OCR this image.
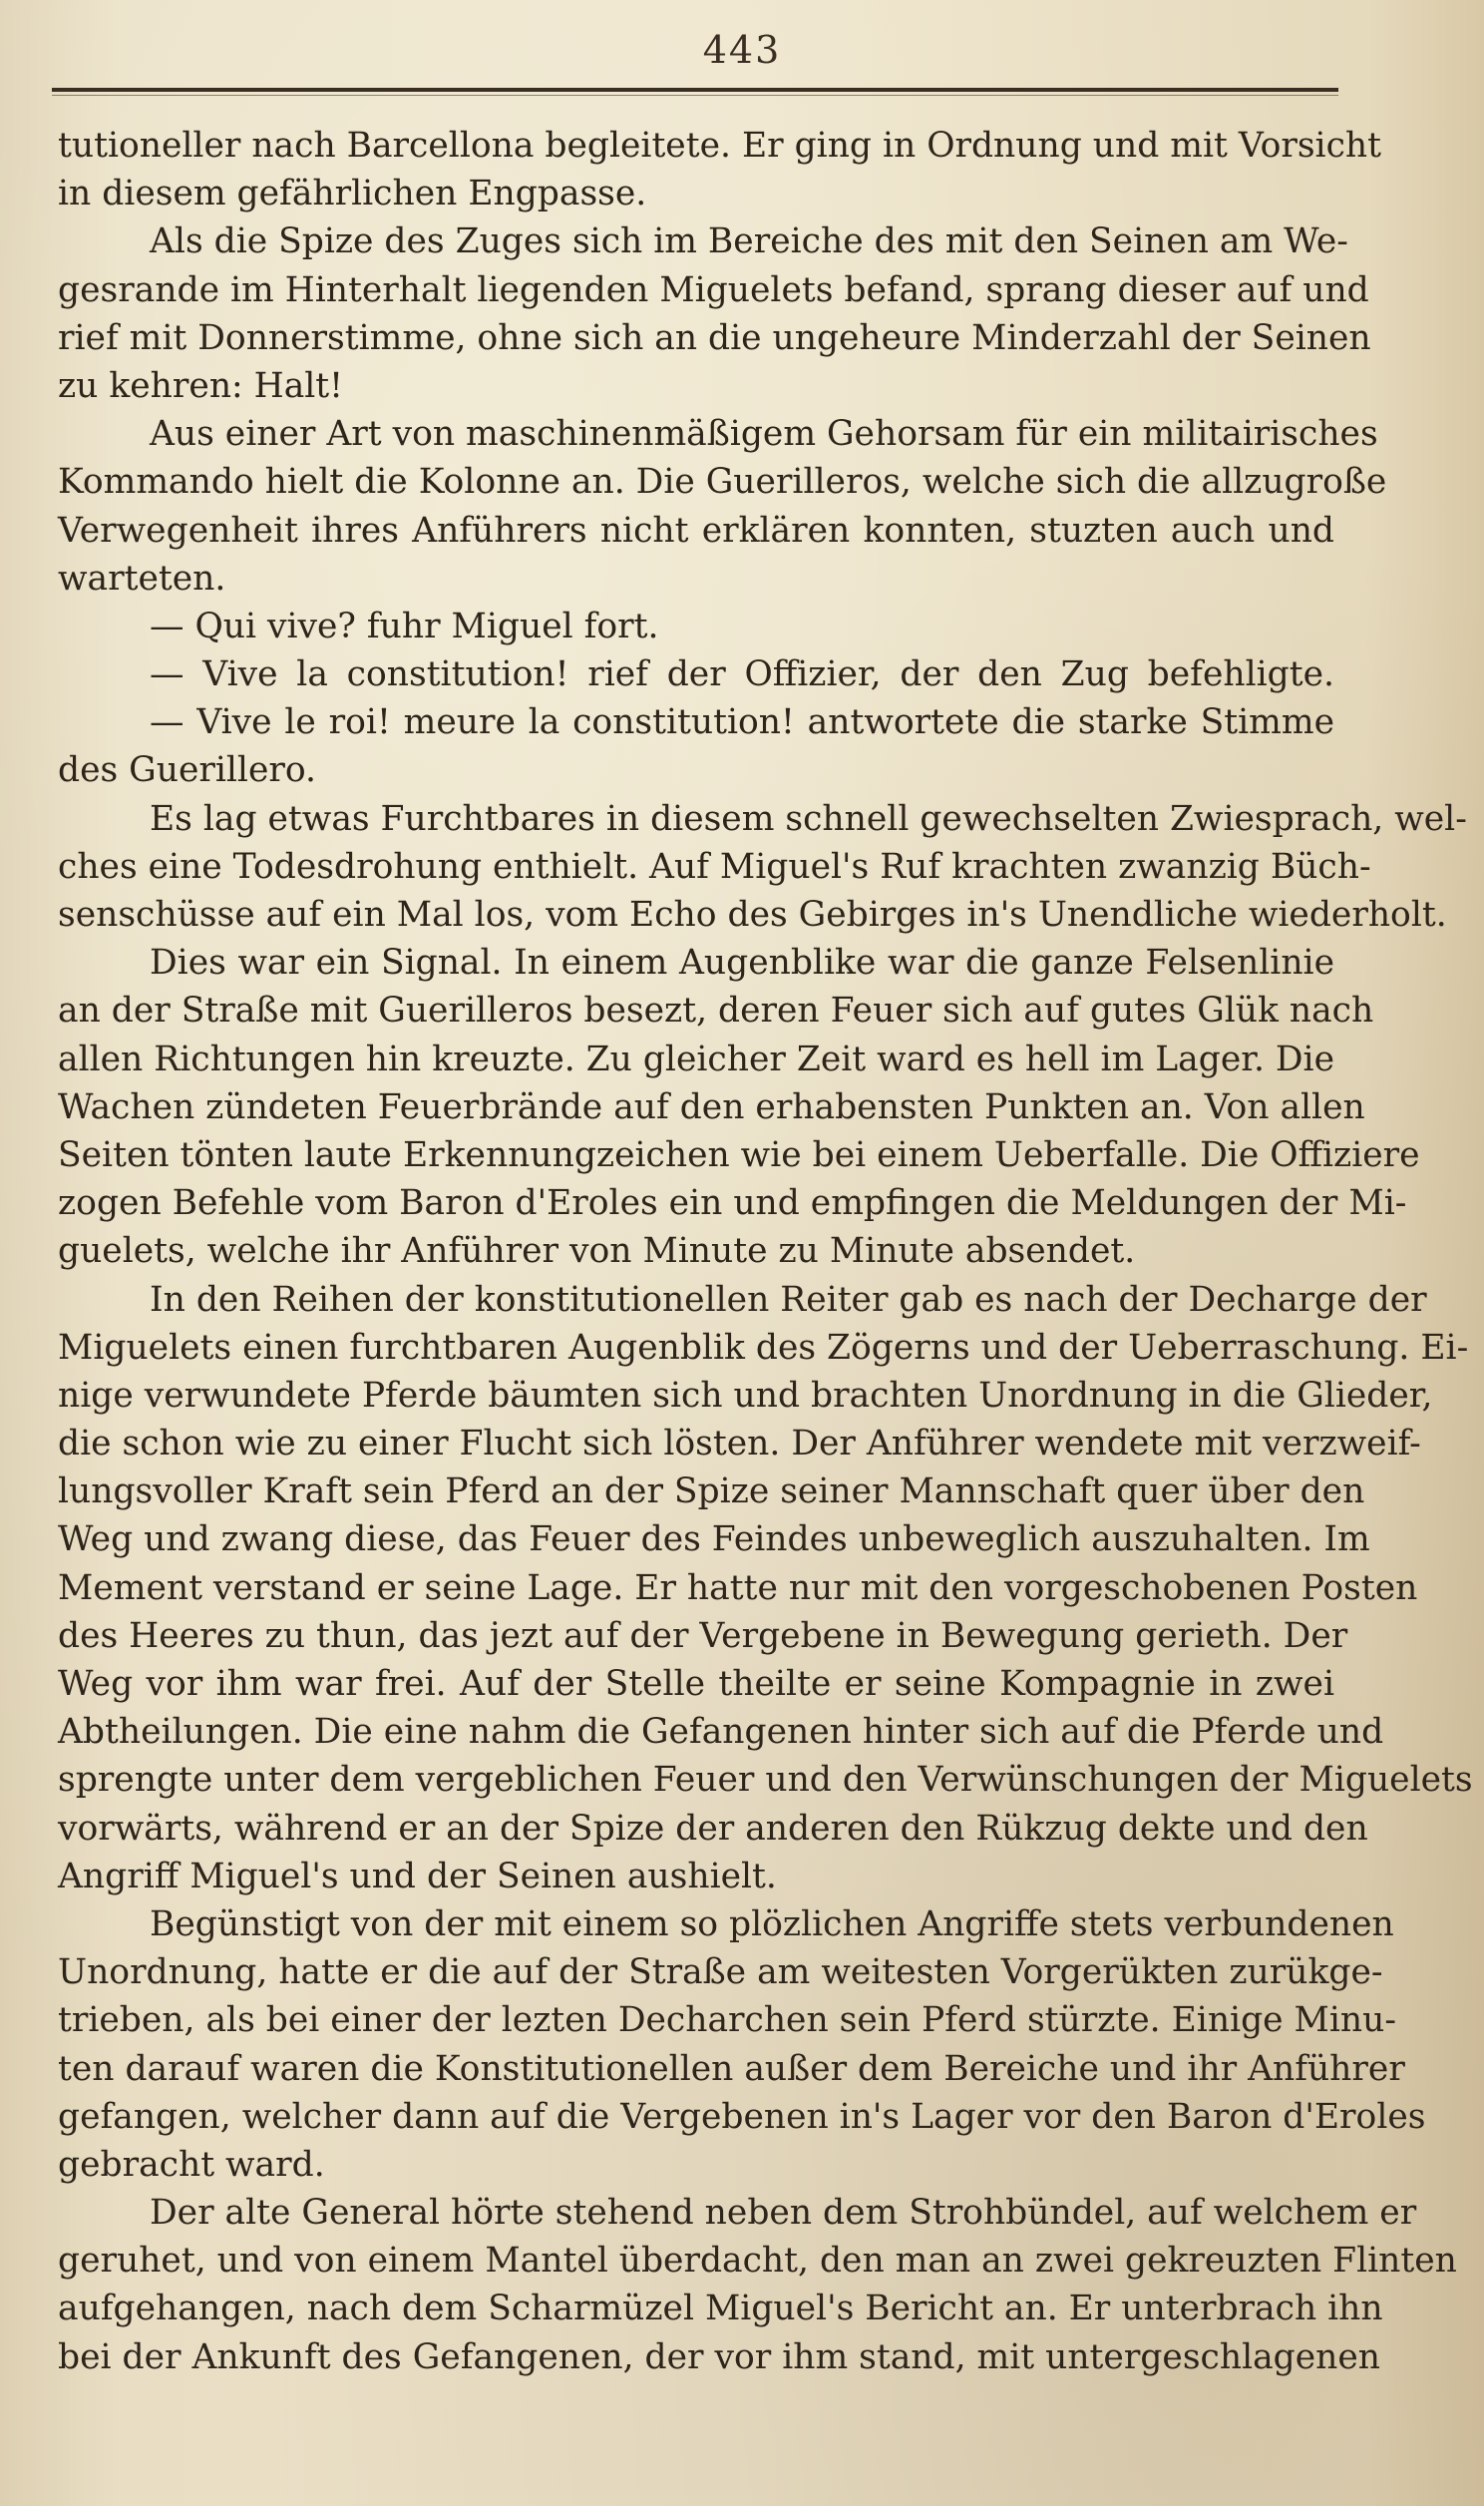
443
tutioneller nach Barcellona begleitete. Er ging in Ordnung und mit Vorsicht
in diesem gefährlichen Engpasse.
Als die Spize des Zuges sich im Bereiche des mit den Seinen am We-
gesrande im Hinterhalt liegenden Miguelets befand, sprang dieser auf und
rief mit Donnerstimme, ohne sich an die ungeheure Minderzahl der Seinen
zu kehren: Halt!
Aus einer Art von maschinenmäßigem Gehorsam für ein militairisches
Kommando hielt die Kolonne an. Die Guerilleros, welche sich die allzugroße
Verwegenheit ihres Anführers nicht erklären konnten, stuzten auch und
warteten.
— Qui vive? fuhr Miguel fort.
— Vive la constitution! rief der Offizier, der den Zug befehligte.
— Vive le roi! meure la constitution! antwortete die starke Stimme
des Guerillero.
Es lag etwas Furchtbares in diesem schnell gewechselten Zwiesprach, wel-
ches eine Todesdrohung enthielt. Auf Miguel's Ruf krachten zwanzig Büch-
senschüsse auf ein Mal los, vom Echo des Gebirges in's Unendliche wiederholt.
Dies war ein Signal. In einem Augenblike war die ganze Felsenlinie
an der Straße mit Guerilleros besezt, deren Feuer sich auf gutes Glük nach
allen Richtungen hin kreuzte. Zu gleicher Zeit ward es hell im Lager. Die
Wachen zündeten Feuerbrände auf den erhabensten Punkten an. Von allen
Seiten tönten laute Erkennungzeichen wie bei einem Ueberfalle. Die Offiziere
zogen Befehle vom Baron d'Eroles ein und empfingen die Meldungen der Mi-
guelets, welche ihr Anführer von Minute zu Minute absendet.
In den Reihen der konstitutionellen Reiter gab es nach der Decharge der
Miguelets einen furchtbaren Augenblik des Zögerns und der Ueberraschung. Ei-
nige verwundete Pferde bäumten sich und brachten Unordnung in die Glieder,
die schon wie zu einer Flucht sich lösten. Der Anführer wendete mit verzweif-
lungsvoller Kraft sein Pferd an der Spize seiner Mannschaft quer über den
Weg und zwang diese, das Feuer des Feindes unbeweglich auszuhalten. Im
Mement verstand er seine Lage. Er hatte nur mit den vorgeschobenen Posten
des Heeres zu thun, das jezt auf der Vergebene in Bewegung gerieth. Der
Weg vor ihm war frei. Auf der Stelle theilte er seine Kompagnie in zwei
Abtheilungen. Die eine nahm die Gefangenen hinter sich auf die Pferde und
sprengte unter dem vergeblichen Feuer und den Verwünschungen der Miguelets
vorwärts, während er an der Spize der anderen den Rükzug dekte und den
Angriff Miguel's und der Seinen aushielt.
Begünstigt von der mit einem so plözlichen Angriffe stets verbundenen
Unordnung, hatte er die auf der Straße am weitesten Vorgerükten zurükge-
trieben, als bei einer der lezten Decharchen sein Pferd stürzte. Einige Minu-
ten darauf waren die Konstitutionellen außer dem Bereiche und ihr Anführer
gefangen, welcher dann auf die Vergebenen in's Lager vor den Baron d'Eroles
gebracht ward.
Der alte General hörte stehend neben dem Strohbündel, auf welchem er
geruhet, und von einem Mantel überdacht, den man an zwei gekreuzten Flinten
aufgehangen, nach dem Scharmüzel Miguel's Bericht an. Er unterbrach ihn
bei der Ankunft des Gefangenen, der vor ihm stand, mit untergeschlagenen
